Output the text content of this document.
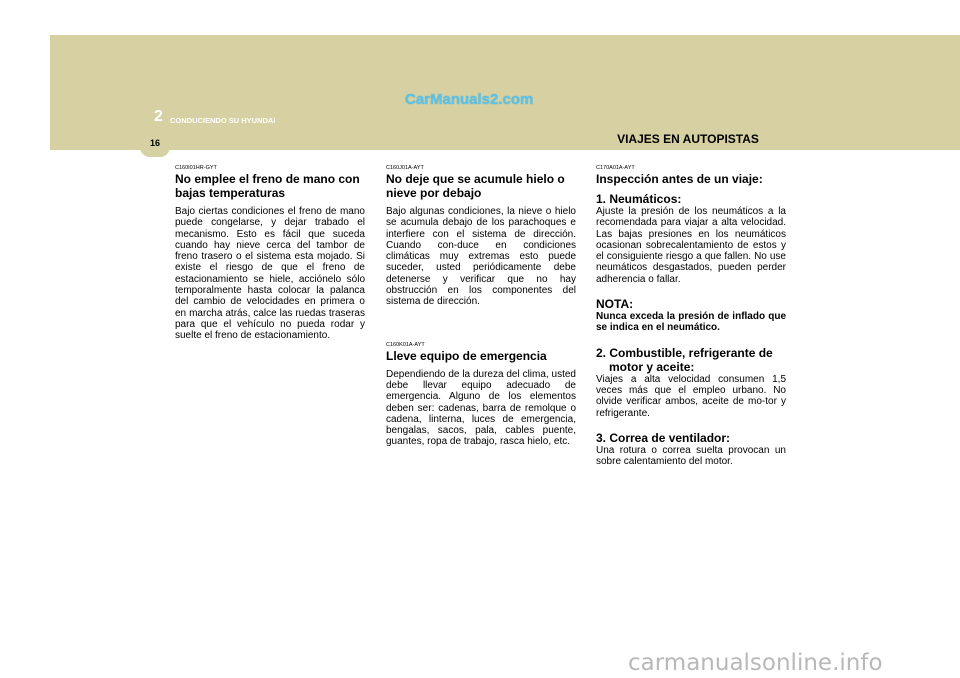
16
2 CONDUCIENDO SU HYUNDAI
CarManuals2.com
VIAJES EN AUTOPISTAS

C160I01HR-GYT

No emplee el freno de mano con bajas temperaturas

Bajo ciertas condiciones el freno de mano puede congelarse, y dejar trabado el mecanismo. Esto es fácil que suceda cuando hay nieve cerca del tambor de freno trasero o el sistema esta mojado. Si existe el riesgo de que el freno de estacionamiento se hiele, acciónelo sólo temporalmente hasta colocar la palanca del cambio de velocidades en primera o en marcha atrás, calce las ruedas traseras para que el vehículo no pueda rodar y suelte el freno de estacionamiento.

C160J01A-AYT

No deje que se acumule hielo o nieve por debajo

Bajo algunas condiciones, la nieve o hielo se acumula debajo de los parachoques e interfiere con el sistema de dirección. Cuando con-duce en condiciones climáticas muy extremas esto puede suceder, usted periódicamente debe detenerse y verificar que no hay obstrucción en los componentes del sistema de dirección.

C160K01A-AYT

Lleve equipo de emergencia

Dependiendo de la dureza del clima, usted debe llevar equipo adecuado de emergencia. Alguno de los elementos deben ser: cadenas, barra de remolque o cadena, linterna, luces de emergencia, bengalas, sacos, pala, cables puente, guantes, ropa de trabajo, rasca hielo, etc.

C170A01A-AYT

Inspección antes de un viaje:

1. Neumáticos:

Ajuste la presión de los neumáticos a la recomendada para viajar a alta velocidad. Las bajas presiones en los neumáticos ocasionan sobrecalentamiento de estos y el consiguiente riesgo a que fallen. No use neumáticos desgastados, pueden perder adherencia o fallar.

NOTA:

Nunca exceda la presión de inflado que se indica en el neumático.

2. Combustible, refrigerante de motor y aceite:

Viajes a alta velocidad consumen 1,5 veces más que el empleo urbano. No olvide verificar ambos, aceite de mo-tor y refrigerante.

3. Correa de ventilador:

Una rotura o correa suelta provocan un sobre calentamiento del motor.

carmanualsonline.info
